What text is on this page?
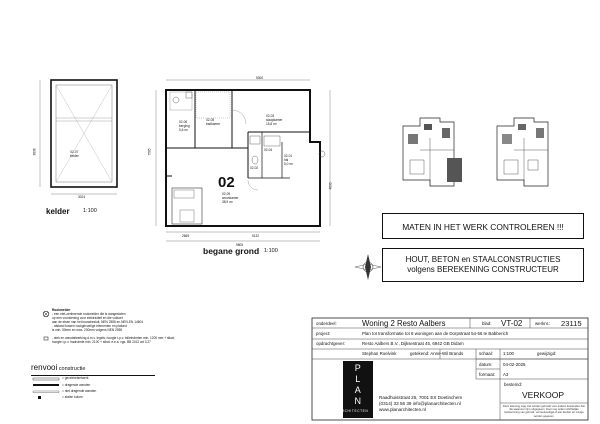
02-07
kelder
3024
3838
kelder 1:100
02
begane grond 1:100
02-06
berging
5,6 m²
02-05
badkamer
02-03
slaapkamer
15,8 m²
02-04
02-01
hal
5,0 m²
02-02
02-09
woonkamer
38,9 m²
2665	5132
9805
7585
4030
5300
MATEN IN HET WERK CONTROLEREN !!!
HOUT, BETON en STAALCONSTRUCTIES
volgens BEREKENING CONSTRUCTEUR
Rookmelder
- een niet-zenlerende rookmelder die is aangesloten
op een voorziening voor elektriciteit en die voldoet
aan de eisen van het bouwbesluit, NEN 2555 en NEN-EN 14604
- afstand tussen rookgevoelige elementen en plafond
is min. 50mm en max. 200mm volgens NEN 2555
- stek en wandafwerking d.m.v. legels; hoogte t.p.v. toiletruimten min. 1200 mm + stkat;
hoogte t.p.v. badruimte min. 2100 + stkat. e.e.a. vgs. BB 2012 art 3.27
renvooi constructie
= gevelmetselwerk
= dragende wanden
= niet dragende wanden
= stalen kolom
onderdeel:	Woning 2 Resto Aalbers	blad: VT-02	werknr.: 23115
project:	Plan tot transformatie tot 8 woningen aan de Dorpstraat 54-56 te Babberich
opdrachtgever:	Resto Aalbers B.V., Dijksestraat 45, 6942 GB Didam
Stephan Roelvink	getekend: Anne-Wil Brands	schaal: 1:100	gewijzigd:
datum: 04-02-2026
formaat: A3
bestemd:
VERKOOP
Deze tekening mag niet worden gebruikt voor andere doeleinden dan die waarvoor zij is uitgegeven. Door nog onder schriftelijke toestemming van gebruik, verveelvoudigd of aan derden ter inzage worden gegeven.
P
L
A
N
ARCHITECTEN
Raadhuisstraat 25, 7001 EX Doetinchem
(0314) 33 56 39 info@planarchitecten.nl
www.planarchitecten.nl
